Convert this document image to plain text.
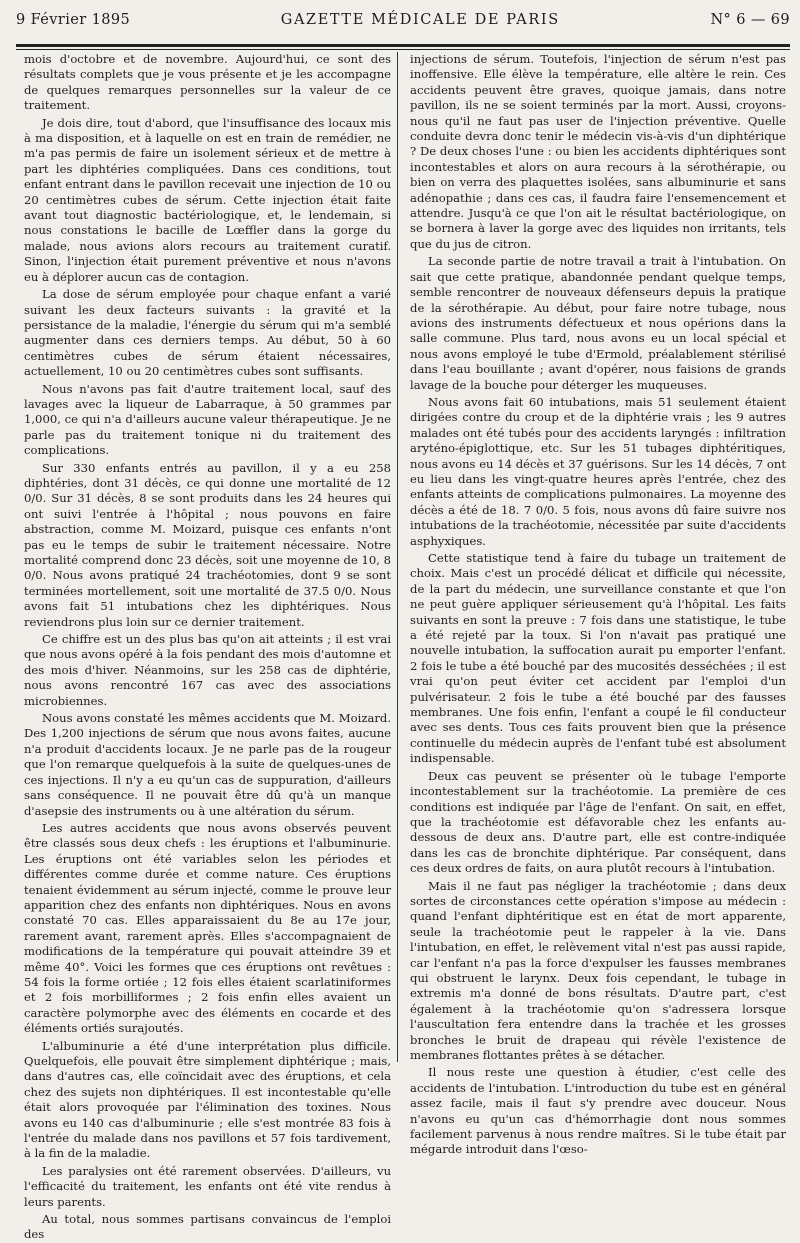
9 Février 1895	GAZETTE MÉDICALE DE PARIS	N° 6 — 69

mois d'octobre et de novembre. Aujourd'hui, ce sont des résultats complets que je vous présente et je les accompagne de quelques remarques personnelles sur la valeur de ce traitement.

Je dois dire, tout d'abord, que l'insuffisance des locaux mis à ma disposition, et à laquelle on est en train de remédier, ne m'a pas permis de faire un isolement sérieux et de mettre à part les diphtéries compliquées. Dans ces conditions, tout enfant entrant dans le pavillon recevait une injection de 10 ou 20 centimètres cubes de sérum. Cette injection était faite avant tout diagnostic bactériologique, et, le lendemain, si nous constations le bacille de Lœffler dans la gorge du malade, nous avions alors recours au traitement curatif. Sinon, l'injection était purement préventive et nous n'avons eu à déplorer aucun cas de contagion.

La dose de sérum employée pour chaque enfant a varié suivant les deux facteurs suivants : la gravité et la persistance de la maladie, l'énergie du sérum qui m'a semblé augmenter dans ces derniers temps. Au début, 50 à 60 centimètres cubes de sérum étaient nécessaires, actuellement, 10 ou 20 centimètres cubes sont suffisants.

Nous n'avons pas fait d'autre traitement local, sauf des lavages avec la liqueur de Labarraque, à 50 grammes par 1,000, ce qui n'a d'ailleurs aucune valeur thérapeutique. Je ne parle pas du traitement tonique ni du traitement des complications.

Sur 330 enfants entrés au pavillon, il y a eu 258 diphtéries, dont 31 décès, ce qui donne une mortalité de 12 0/0. Sur 31 décès, 8 se sont produits dans les 24 heures qui ont suivi l'entrée à l'hôpital ; nous pouvons en faire abstraction, comme M. Moizard, puisque ces enfants n'ont pas eu le temps de subir le traitement nécessaire. Notre mortalité comprend donc 23 décès, soit une moyenne de 10, 8 0/0. Nous avons pratiqué 24 trachéotomies, dont 9 se sont terminées mortellement, soit une mortalité de 37.5 0/0. Nous avons fait 51 intubations chez les diphtériques. Nous reviendrons plus loin sur ce dernier traitement.

Ce chiffre est un des plus bas qu'on ait atteints ; il est vrai que nous avons opéré à la fois pendant des mois d'automne et des mois d'hiver. Néanmoins, sur les 258 cas de diphtérie, nous avons rencontré 167 cas avec des associations microbiennes.

Nous avons constaté les mêmes accidents que M. Moizard. Des 1,200 injections de sérum que nous avons faites, aucune n'a produit d'accidents locaux. Je ne parle pas de la rougeur que l'on remarque quelquefois à la suite de quelques-unes de ces injections. Il n'y a eu qu'un cas de suppuration, d'ailleurs sans conséquence. Il ne pouvait être dû qu'à un manque d'asepsie des instruments ou à une altération du sérum.

Les autres accidents que nous avons observés peuvent être classés sous deux chefs : les éruptions et l'albuminurie. Les éruptions ont été variables selon les périodes et différentes comme durée et comme nature. Ces éruptions tenaient évidemment au sérum injecté, comme le prouve leur apparition chez des enfants non diphtériques. Nous en avons constaté 70 cas. Elles apparaissaient du 8e au 17e jour, rarement avant, rarement après. Elles s'accompagnaient de modifications de la température qui pouvait atteindre 39 et même 40°. Voici les formes que ces éruptions ont revêtues : 54 fois la forme ortiée ; 12 fois elles étaient scarlatiniformes et 2 fois morbilliformes ; 2 fois enfin elles avaient un caractère polymorphe avec des éléments en cocarde et des éléments ortiés surajoutés.

L'albuminurie a été d'une interprétation plus difficile. Quelquefois, elle pouvait être simplement diphtérique ; mais, dans d'autres cas, elle coïncidait avec des éruptions, et cela chez des sujets non diphtériques. Il est incontestable qu'elle était alors provoquée par l'élimination des toxines. Nous avons eu 140 cas d'albuminurie ; elle s'est montrée 83 fois à l'entrée du malade dans nos pavillons et 57 fois tardivement, à la fin de la maladie.

Les paralysies ont été rarement observées. D'ailleurs, vu l'efficacité du traitement, les enfants ont été vite rendus à leurs parents.

Au total, nous sommes partisans convaincus de l'emploi des

injections de sérum. Toutefois, l'injection de sérum n'est pas inoffensive. Elle élève la température, elle altère le rein. Ces accidents peuvent être graves, quoique jamais, dans notre pavillon, ils ne se soient terminés par la mort. Aussi, croyons-nous qu'il ne faut pas user de l'injection préventive. Quelle conduite devra donc tenir le médecin vis-à-vis d'un diphtérique ? De deux choses l'une : ou bien les accidents diphtériques sont incontestables et alors on aura recours à la sérothérapie, ou bien on verra des plaquettes isolées, sans albuminurie et sans adénopathie ; dans ces cas, il faudra faire l'ensemencement et attendre. Jusqu'à ce que l'on ait le résultat bactériologique, on se bornera à laver la gorge avec des liquides non irritants, tels que du jus de citron.

La seconde partie de notre travail a trait à l'intubation. On sait que cette pratique, abandonnée pendant quelque temps, semble rencontrer de nouveaux défenseurs depuis la pratique de la sérothérapie. Au début, pour faire notre tubage, nous avions des instruments défectueux et nous opérions dans la salle commune. Plus tard, nous avons eu un local spécial et nous avons employé le tube d'Ermold, préalablement stérilisé dans l'eau bouillante ; avant d'opérer, nous faisions de grands lavage de la bouche pour déterger les muqueuses.

Nous avons fait 60 intubations, mais 51 seulement étaient dirigées contre du croup et de la diphtérie vrais ; les 9 autres malades ont été tubés pour des accidents laryngés : infiltration aryténo-épiglottique, etc. Sur les 51 tubages diphtéritiques, nous avons eu 14 décès et 37 guérisons. Sur les 14 décès, 7 ont eu lieu dans les vingt-quatre heures après l'entrée, chez des enfants atteints de complications pulmonaires. La moyenne des décès a été de 18. 7 0/0. 5 fois, nous avons dû faire suivre nos intubations de la trachéotomie, nécessitée par suite d'accidents asphyxiques.

Cette statistique tend à faire du tubage un traitement de choix. Mais c'est un procédé délicat et difficile qui nécessite, de la part du médecin, une surveillance constante et que l'on ne peut guère appliquer sérieusement qu'à l'hôpital. Les faits suivants en sont la preuve : 7 fois dans une statistique, le tube a été rejeté par la toux. Si l'on n'avait pas pratiqué une nouvelle intubation, la suffocation aurait pu emporter l'enfant. 2 fois le tube a été bouché par des mucosités desséchées ; il est vrai qu'on peut éviter cet accident par l'emploi d'un pulvérisateur. 2 fois le tube a été bouché par des fausses membranes. Une fois enfin, l'enfant a coupé le fil conducteur avec ses dents. Tous ces faits prouvent bien que la présence continuelle du médecin auprès de l'enfant tubé est absolument indispensable.

Deux cas peuvent se présenter où le tubage l'emporte incontestablement sur la trachéotomie. La première de ces conditions est indiquée par l'âge de l'enfant. On sait, en effet, que la trachéotomie est défavorable chez les enfants au-dessous de deux ans. D'autre part, elle est contre-indiquée dans les cas de bronchite diphtérique. Par conséquent, dans ces deux ordres de faits, on aura plutôt recours à l'intubation.

Mais il ne faut pas négliger la trachéotomie ; dans deux sortes de circonstances cette opération s'impose au médecin : quand l'enfant diphtéritique est en état de mort apparente, seule la trachéotomie peut le rappeler à la vie. Dans l'intubation, en effet, le relèvement vital n'est pas aussi rapide, car l'enfant n'a pas la force d'expulser les fausses membranes qui obstruent le larynx. Deux fois cependant, le tubage in extremis m'a donné de bons résultats. D'autre part, c'est également à la trachéotomie qu'on s'adressera lorsque l'auscultation fera entendre dans la trachée et les grosses bronches le bruit de drapeau qui révèle l'existence de membranes flottantes prêtes à se détacher.

Il nous reste une question à étudier, c'est celle des accidents de l'intubation. L'introduction du tube est en général assez facile, mais il faut s'y prendre avec douceur. Nous n'avons eu qu'un cas d'hémorrhagie dont nous sommes facilement parvenus à nous rendre maîtres. Si le tube était par mégarde introduit dans l'œso-
